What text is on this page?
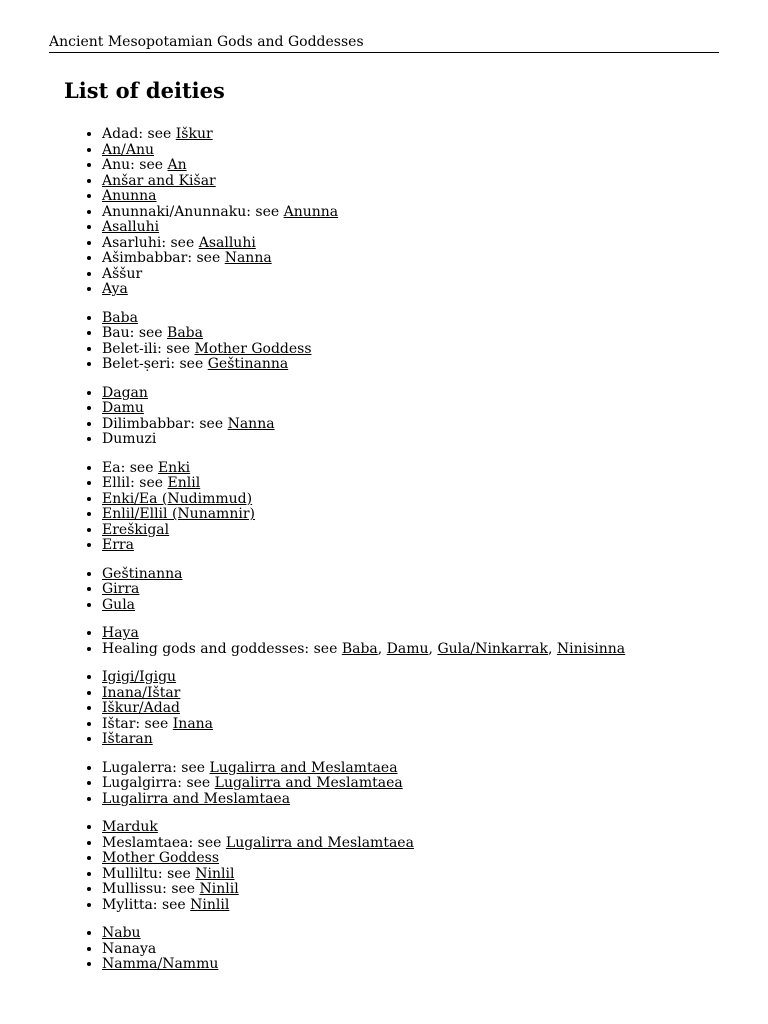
Ancient Mesopotamian Gods and Goddesses
List of deities
• Adad: see Iškur
• An/Anu
• Anu: see An
• Anšar and Kišar
• Anunna
• Anunnaki/Anunnaku: see Anunna
• Asalluhi
• Asarluhi: see Asalluhi
• Ašimbabbar: see Nanna
• Aššur
• Aya
• Baba
• Bau: see Baba
• Belet-ili: see Mother Goddess
• Belet-ṣeri: see Geštinanna
• Dagan
• Damu
• Dilimbabbar: see Nanna
• Dumuzi
• Ea: see Enki
• Ellil: see Enlil
• Enki/Ea (Nudimmud)
• Enlil/Ellil (Nunamnir)
• Ereškigal
• Erra
• Geštinanna
• Girra
• Gula
• Haya
• Healing gods and goddesses: see Baba, Damu, Gula/Ninkarrak, Ninisinna
• Igigi/Igigu
• Inana/Ištar
• Iškur/Adad
• Ištar: see Inana
• Ištaran
• Lugalerra: see Lugalirra and Meslamtaea
• Lugalgirra: see Lugalirra and Meslamtaea
• Lugalirra and Meslamtaea
• Marduk
• Meslamtaea: see Lugalirra and Meslamtaea
• Mother Goddess
• Mulliltu: see Ninlil
• Mullissu: see Ninlil
• Mylitta: see Ninlil
• Nabu
• Nanaya
• Namma/Nammu
